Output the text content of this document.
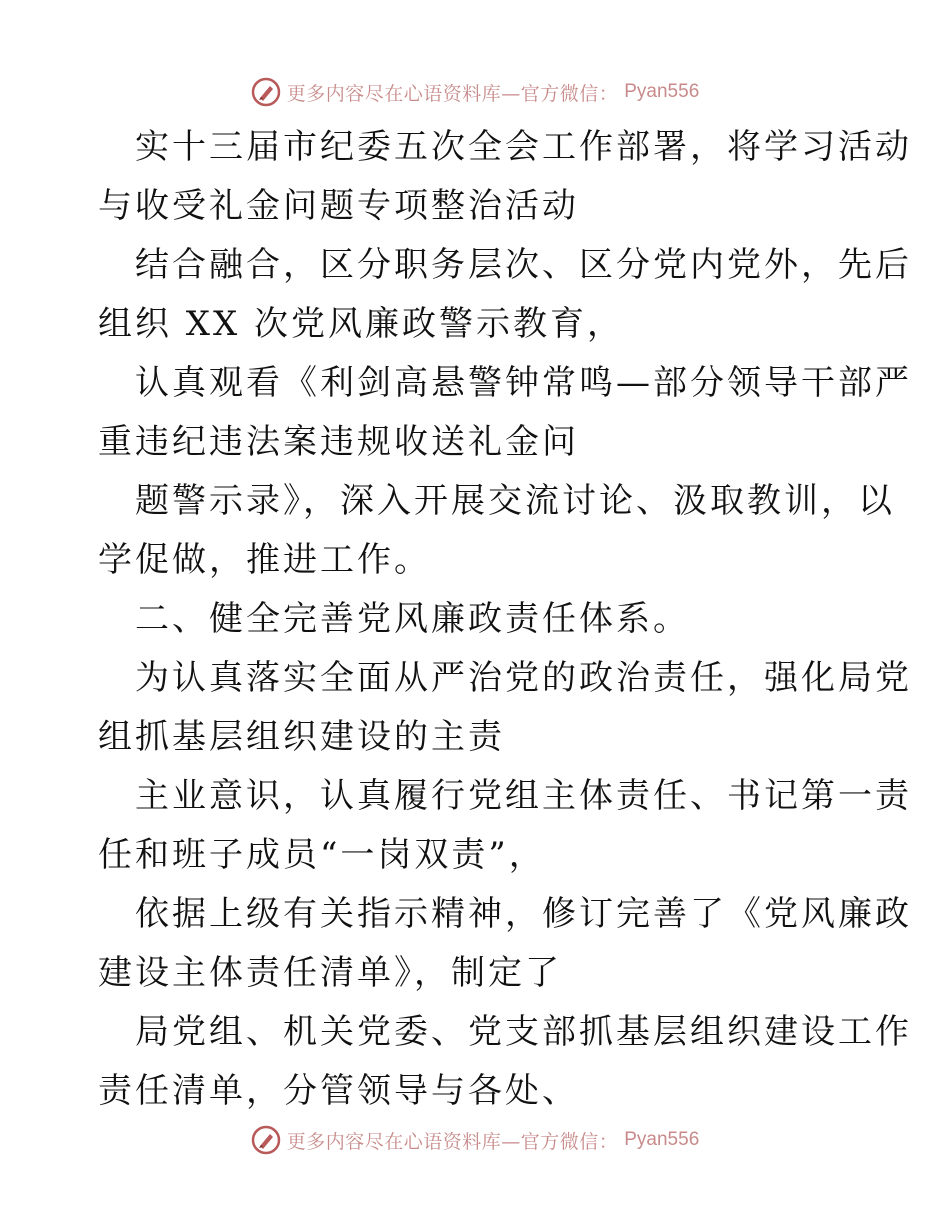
更多内容尽在心语资料库—官方微信： Pyan556
实十三届市纪委五次全会工作部署，将学习活动
与收受礼金问题专项整治活动
结合融合，区分职务层次、区分党内党外，先后
组织 XX 次党风廉政警示教育，
认真观看《利剑高悬警钟常鸣—部分领导干部严
重违纪违法案违规收送礼金问
题警示录》，深入开展交流讨论、汲取教训，以
学促做，推进工作。
二、健全完善党风廉政责任体系。
为认真落实全面从严治党的政治责任，强化局党
组抓基层组织建设的主责
主业意识，认真履行党组主体责任、书记第一责
任和班子成员“一岗双责”，
依据上级有关指示精神，修订完善了《党风廉政
建设主体责任清单》，制定了
局党组、机关党委、党支部抓基层组织建设工作
责任清单，分管领导与各处、
更多内容尽在心语资料库—官方微信： Pyan556
